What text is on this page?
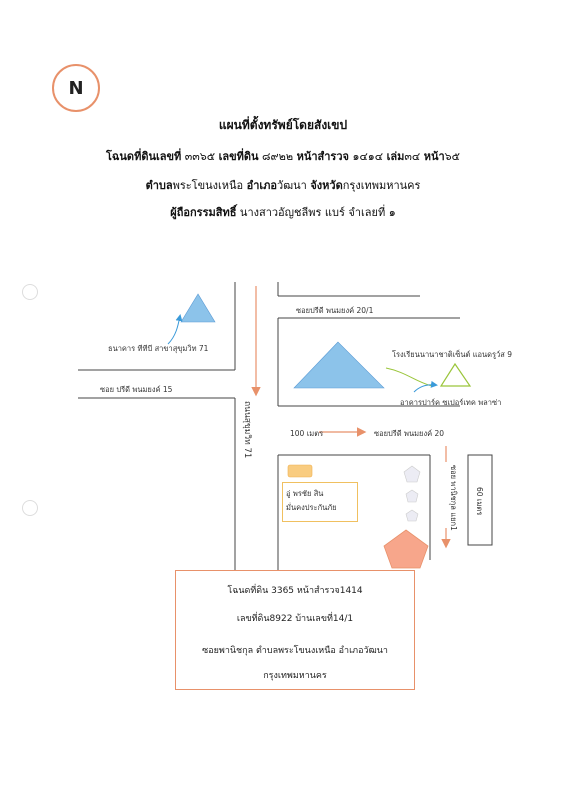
N
แผนที่ตั้งทรัพย์โดยสังเขป
โฉนดที่ดินเลขที่ ๓๓๖๕ เลขที่ดิน ๘๙๒๒ หน้าสำรวจ ๑๔๑๔ เล่ม๓๔ หน้า๖๕
ตำบลพระโขนงเหนือ อำเภอวัฒนา จังหวัดกรุงเทพมหานคร
ผู้ถือกรรมสิทธิ์ นางสาวอัญชลีพร แบร์ จำเลยที่ ๑
ธนาคาร ทีทีบี สาขาสุขุมวิท 71
ซอยปรีดี พนมยงค์ 20/1
ซอย ปรีดี พนมยงค์ 15
โรงเรียนนานาชาติเซ็นต์ แอนดรูว์ส 9
อาคารปาร์ค ซเปอร์เทค พลาซ่า
ถนนสุขุมวิท 71	100 เมตร	ซอยปรีดี พนมยงค์ 20
ซอย พานิชกุล แยก1 60 เมตร
อู่ พรชัย สิน
มั่นคงประกันภัย
โฉนดที่ดิน 3365 หน้าสำรวจ1414
เลขที่ดิน8922 บ้านเลขที่14/1
ซอยพานิชกุล ตำบลพระโขนงเหนือ อำเภอวัฒนา
กรุงเทพมหานคร
